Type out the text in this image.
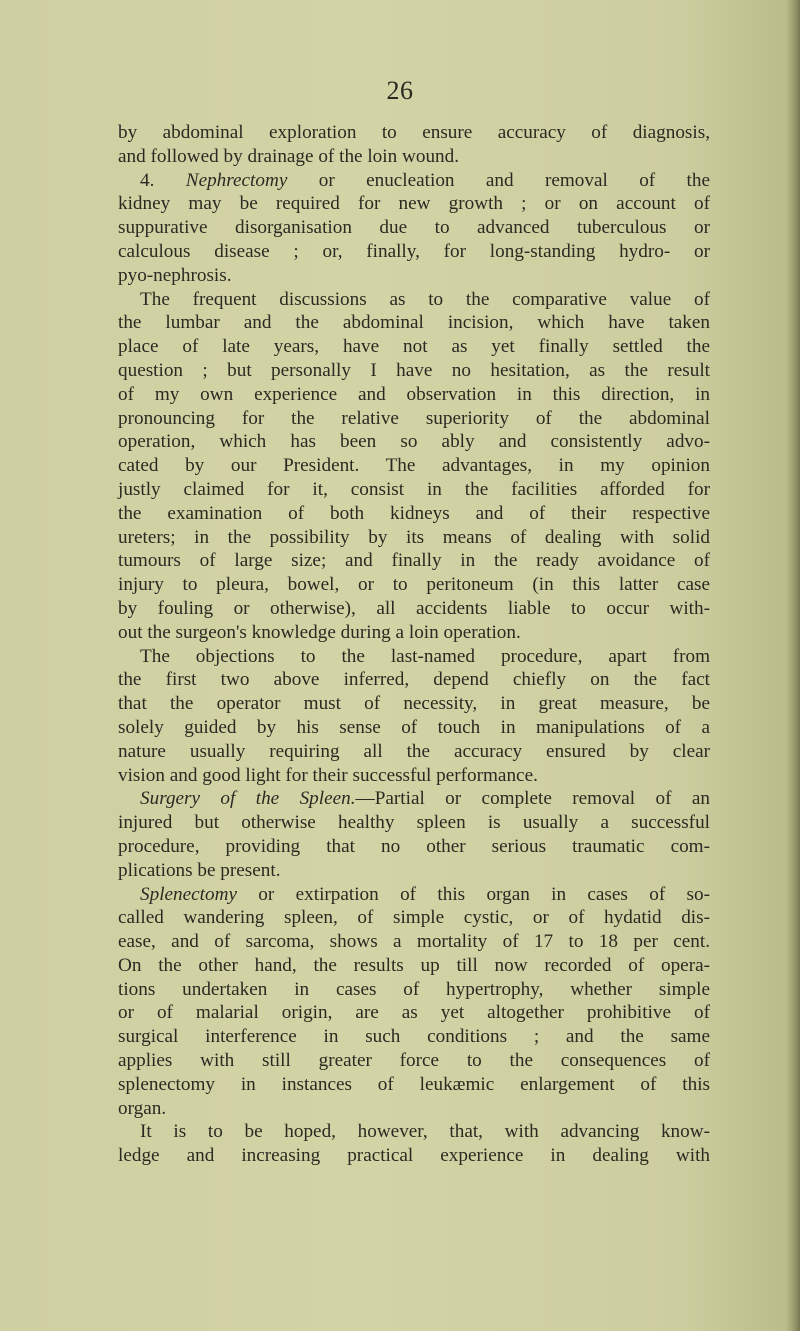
26
by abdominal exploration to ensure accuracy of diagnosis,
and followed by drainage of the loin wound.
4. Nephrectomy or enucleation and removal of the
kidney may be required for new growth ; or on account of
suppurative disorganisation due to advanced tuberculous or
calculous disease ; or, finally, for long-standing hydro- or
pyo-nephrosis.
The frequent discussions as to the comparative value of
the lumbar and the abdominal incision, which have taken
place of late years, have not as yet finally settled the
question ; but personally I have no hesitation, as the result
of my own experience and observation in this direction, in
pronouncing for the relative superiority of the abdominal
operation, which has been so ably and consistently advo-
cated by our President. The advantages, in my opinion
justly claimed for it, consist in the facilities afforded for
the examination of both kidneys and of their respective
ureters; in the possibility by its means of dealing with solid
tumours of large size; and finally in the ready avoidance of
injury to pleura, bowel, or to peritoneum (in this latter case
by fouling or otherwise), all accidents liable to occur with-
out the surgeon's knowledge during a loin operation.
The objections to the last-named procedure, apart from
the first two above inferred, depend chiefly on the fact
that the operator must of necessity, in great measure, be
solely guided by his sense of touch in manipulations of a
nature usually requiring all the accuracy ensured by clear
vision and good light for their successful performance.
Surgery of the Spleen.—Partial or complete removal of an
injured but otherwise healthy spleen is usually a successful
procedure, providing that no other serious traumatic com-
plications be present.
Splenectomy or extirpation of this organ in cases of so-
called wandering spleen, of simple cystic, or of hydatid dis-
ease, and of sarcoma, shows a mortality of 17 to 18 per cent.
On the other hand, the results up till now recorded of opera-
tions undertaken in cases of hypertrophy, whether simple
or of malarial origin, are as yet altogether prohibitive of
surgical interference in such conditions ; and the same
applies with still greater force to the consequences of
splenectomy in instances of leukæmic enlargement of this
organ.
It is to be hoped, however, that, with advancing know-
ledge and increasing practical experience in dealing with
